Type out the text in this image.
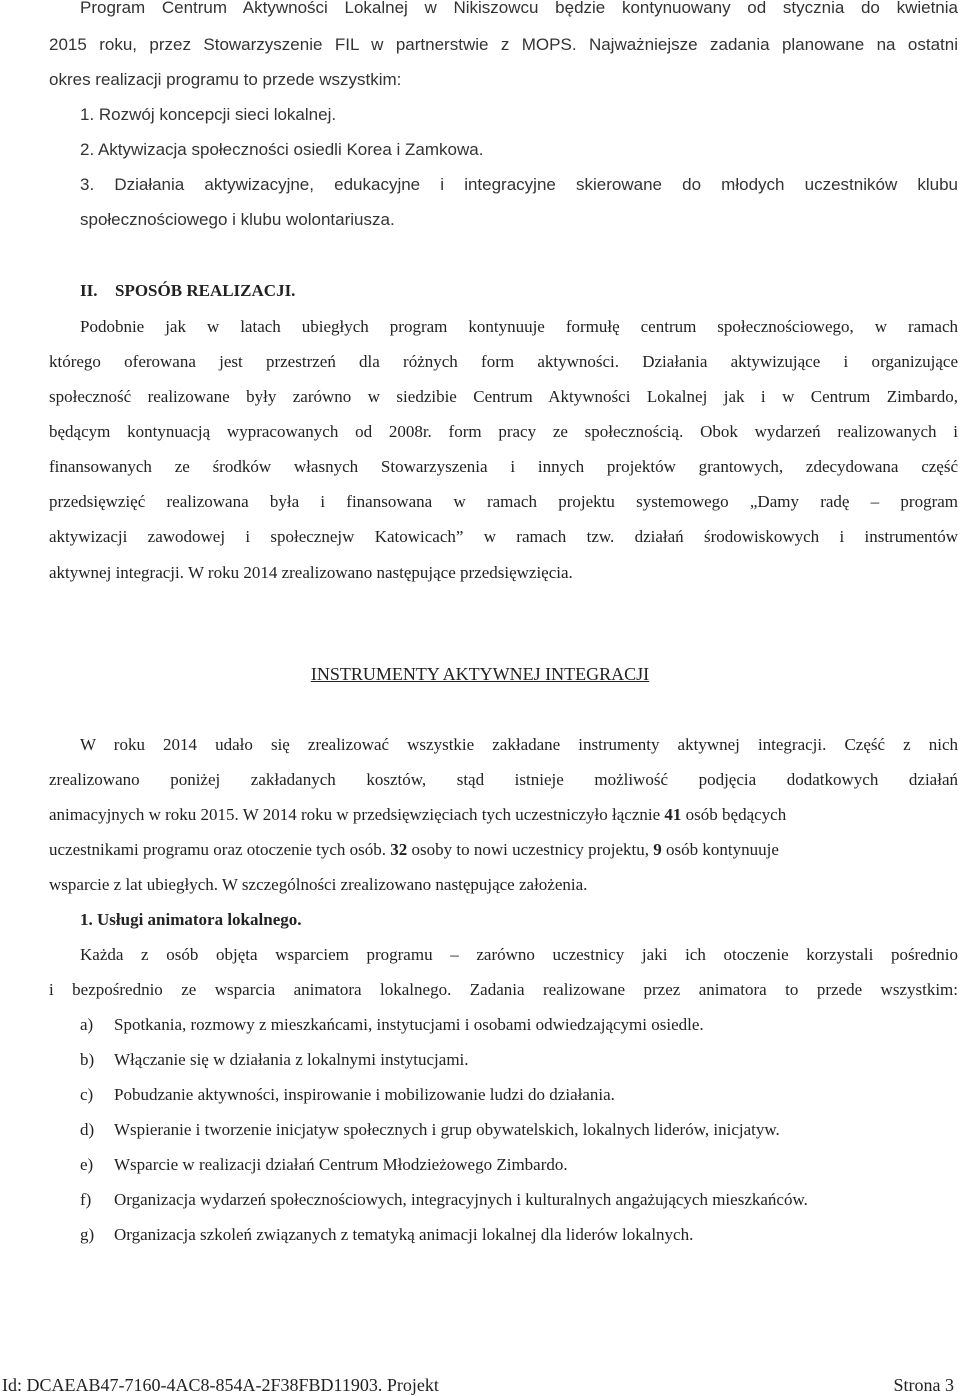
Program Centrum Aktywności Lokalnej w Nikiszowcu będzie kontynuowany od stycznia do kwietnia
2015 roku, przez Stowarzyszenie FIL w partnerstwie z MOPS. Najważniejsze zadania planowane na ostatni
okres realizacji programu to przede wszystkim:
1. Rozwój koncepcji sieci lokalnej.
2. Aktywizacja społeczności osiedli Korea i Zamkowa.
3. Działania aktywizacyjne, edukacyjne i integracyjne skierowane do młodych uczestników klubu
społecznościowego i klubu wolontariusza.
II. SPOSÓB REALIZACJI.
Podobnie jak w latach ubiegłych program kontynuuje formułę centrum społecznościowego, w ramach
którego oferowana jest przestrzeń dla różnych form aktywności. Działania aktywizujące i organizujące
społeczność realizowane były zarówno w siedzibie Centrum Aktywności Lokalnej jak i w Centrum Zimbardo,
będącym kontynuacją wypracowanych od 2008r. form pracy ze społecznością. Obok wydarzeń realizowanych i
finansowanych ze środków własnych Stowarzyszenia i innych projektów grantowych, zdecydowana część
przedsięwzięć realizowana była i finansowana w ramach projektu systemowego „Damy radę – program
aktywizacji zawodowej i społecznejw Katowicach” w ramach tzw. działań środowiskowych i instrumentów
aktywnej integracji. W roku 2014 zrealizowano następujące przedsięwzięcia.
INSTRUMENTY AKTYWNEJ INTEGRACJI
W roku 2014 udało się zrealizować wszystkie zakładane instrumenty aktywnej integracji. Część z nich
zrealizowano poniżej zakładanych kosztów, stąd istnieje możliwość podjęcia dodatkowych działań
animacyjnych w roku 2015. W 2014 roku w przedsięwzięciach tych uczestniczyło łącznie 41 osób będących
uczestnikami programu oraz otoczenie tych osób. 32 osoby to nowi uczestnicy projektu, 9 osób kontynuuje
wsparcie z lat ubiegłych. W szczególności zrealizowano następujące założenia.
1. Usługi animatora lokalnego.
Każda z osób objęta wsparciem programu – zarówno uczestnicy jaki ich otoczenie korzystali pośrednio
i bezpośrednio ze wsparcia animatora lokalnego. Zadania realizowane przez animatora to przede wszystkim:
a) Spotkania, rozmowy z mieszkańcami, instytucjami i osobami odwiedzającymi osiedle.
b) Włączanie się w działania z lokalnymi instytucjami.
c) Pobudzanie aktywności, inspirowanie i mobilizowanie ludzi do działania.
d) Wspieranie i tworzenie inicjatyw społecznych i grup obywatelskich, lokalnych liderów, inicjatyw.
e) Wsparcie w realizacji działań Centrum Młodzieżowego Zimbardo.
f) Organizacja wydarzeń społecznościowych, integracyjnych i kulturalnych angażujących mieszkańców.
g) Organizacja szkoleń związanych z tematyką animacji lokalnej dla liderów lokalnych.
Id: DCAEAB47-7160-4AC8-854A-2F38FBD11903. Projekt	Strona 3
